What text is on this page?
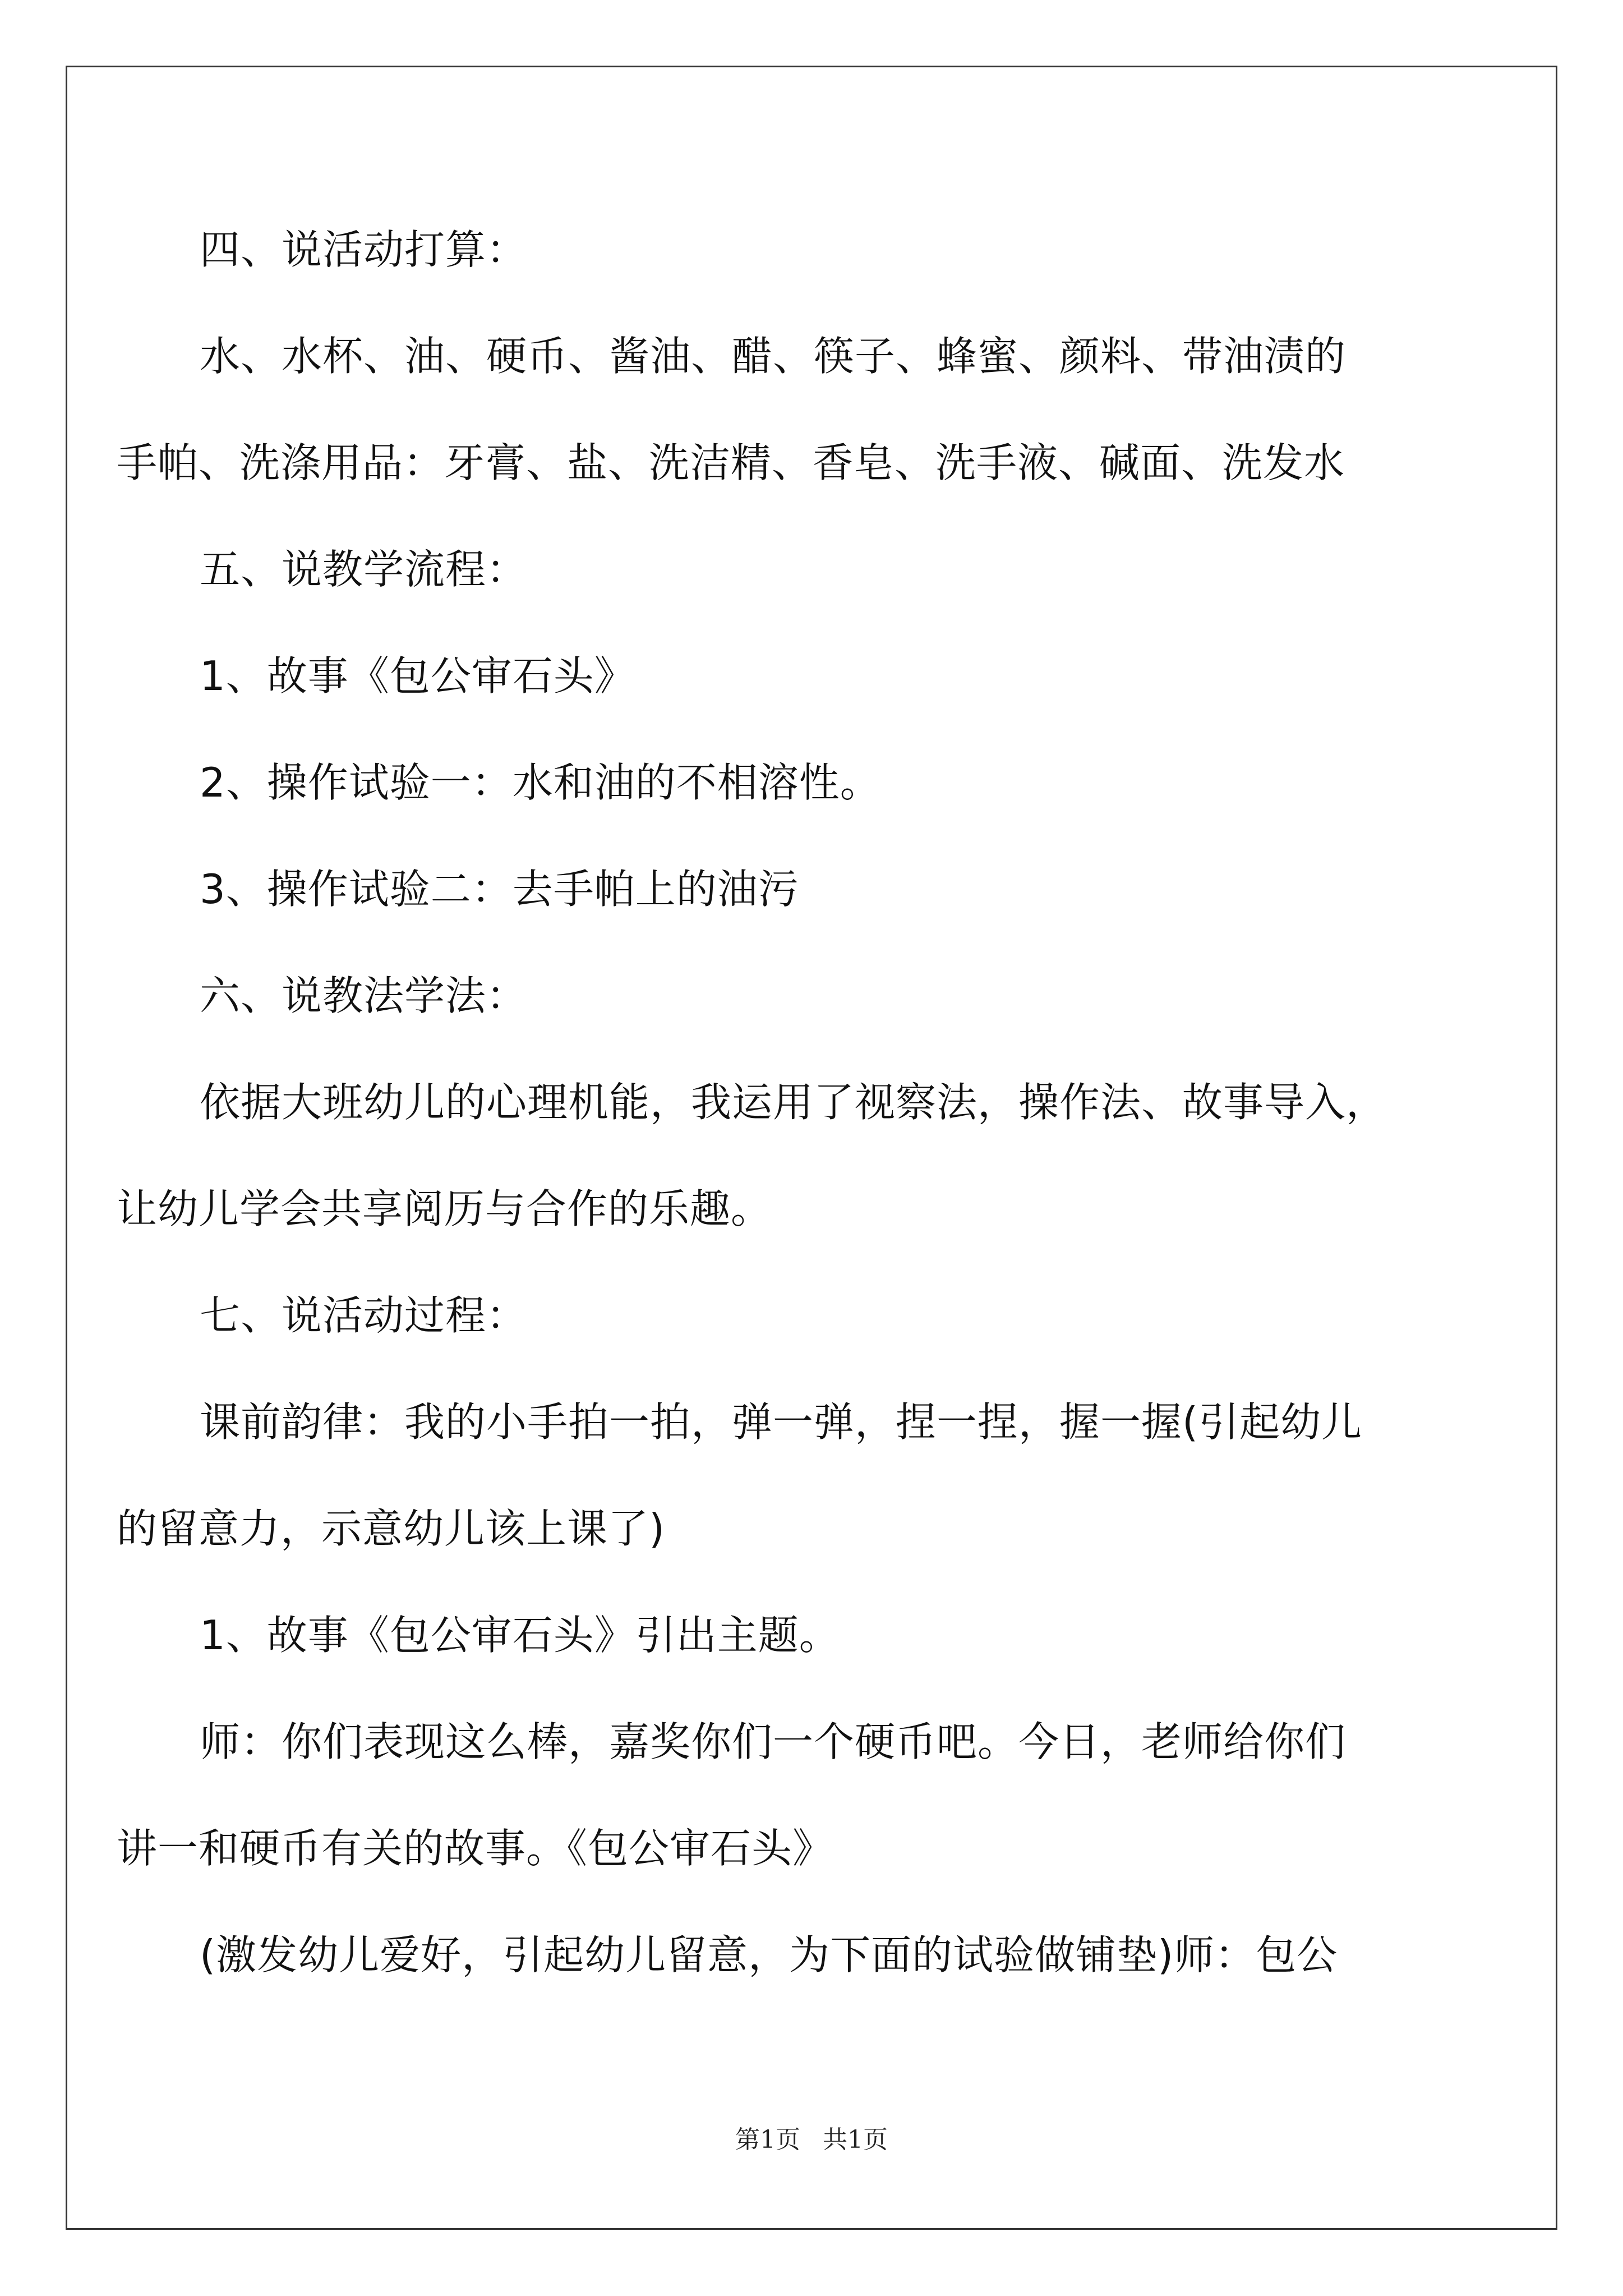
四、说活动打算：
水、水杯、油、硬币、酱油、醋、筷子、蜂蜜、颜料、带油渍的
手帕、洗涤用品：牙膏、盐、洗洁精、香皂、洗手液、碱面、洗发水
五、说教学流程：
1、故事《包公审石头》
2、操作试验一：水和油的不相溶性。
3、操作试验二：去手帕上的油污
六、说教法学法：
依据大班幼儿的心理机能，我运用了视察法，操作法、故事导入，
让幼儿学会共享阅历与合作的乐趣。
七、说活动过程：
课前韵律：我的小手拍一拍，弹一弹，捏一捏，握一握(引起幼儿
的留意力，示意幼儿该上课了)
1、故事《包公审石头》引出主题。
师：你们表现这么棒，嘉奖你们一个硬币吧。今日，老师给你们
讲一和硬币有关的故事。《包公审石头》
(激发幼儿爱好，引起幼儿留意，为下面的试验做铺垫)师：包公
第1页 共1页
